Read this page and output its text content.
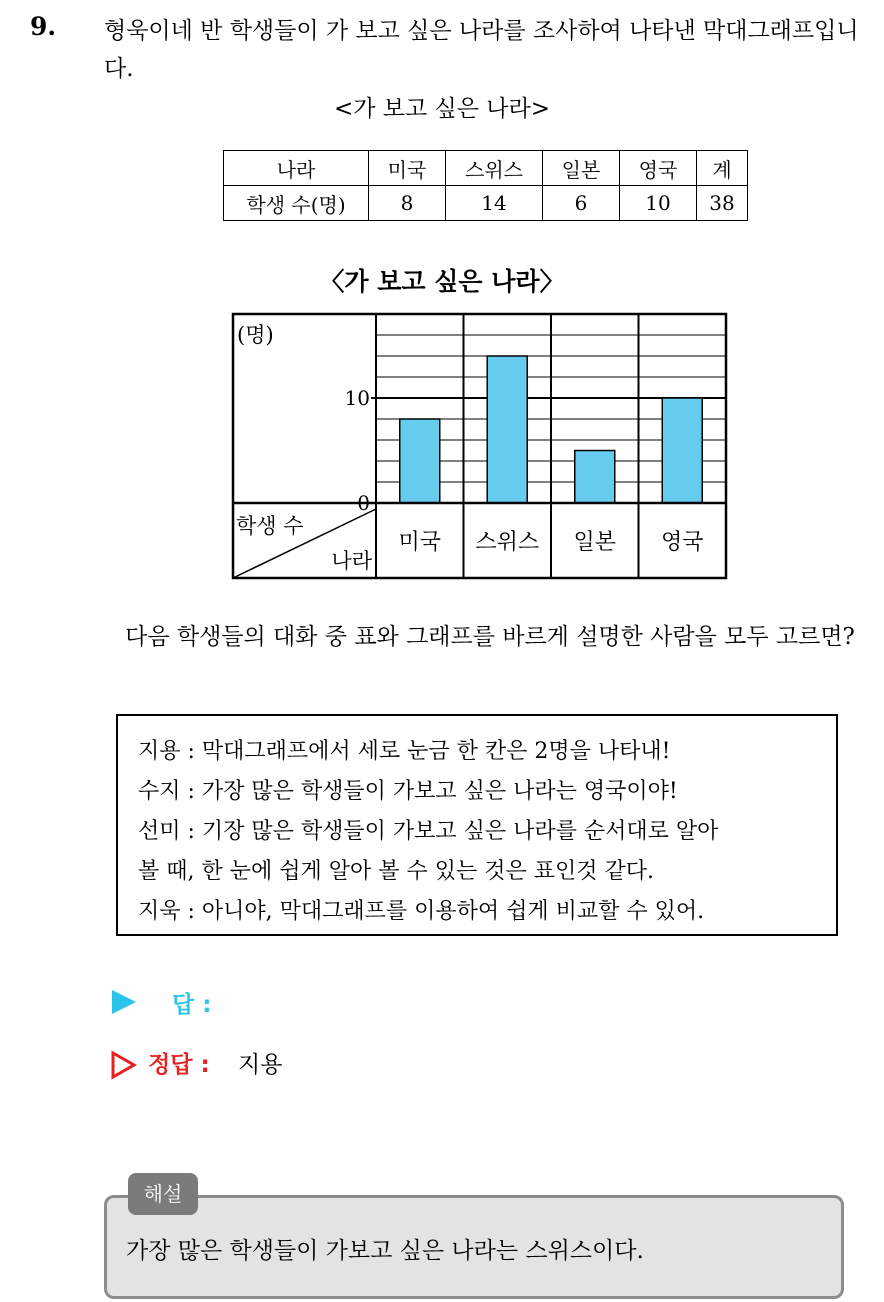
9. 형욱이네 반 학생들이 가 보고 싶은 나라를 조사하여 나타낸 막대그래프입니다.
<가 보고 싶은 나라>
나라	미국	스위스	일본	영국	계
학생 수(명)	8	14	6	10	38
〈가 보고 싶은 나라〉
(명)
0
10
학생 수
나라
미국 스위스 일본 영국
다음 학생들의 대화 중 표와 그래프를 바르게 설명한 사람을 모두 고르면?
지용 : 막대그래프에서 세로 눈금 한 칸은 2명을 나타내!
수지 : 가장 많은 학생들이 가보고 싶은 나라는 영국이야!
선미 : 기장 많은 학생들이 가보고 싶은 나라를 순서대로 알아
볼 때, 한 눈에 쉽게 알아 볼 수 있는 것은 표인것 같다.
지욱 : 아니야, 막대그래프를 이용하여 쉽게 비교할 수 있어.
답 :
정답 : 지용
해설
가장 많은 학생들이 가보고 싶은 나라는 스위스이다.
